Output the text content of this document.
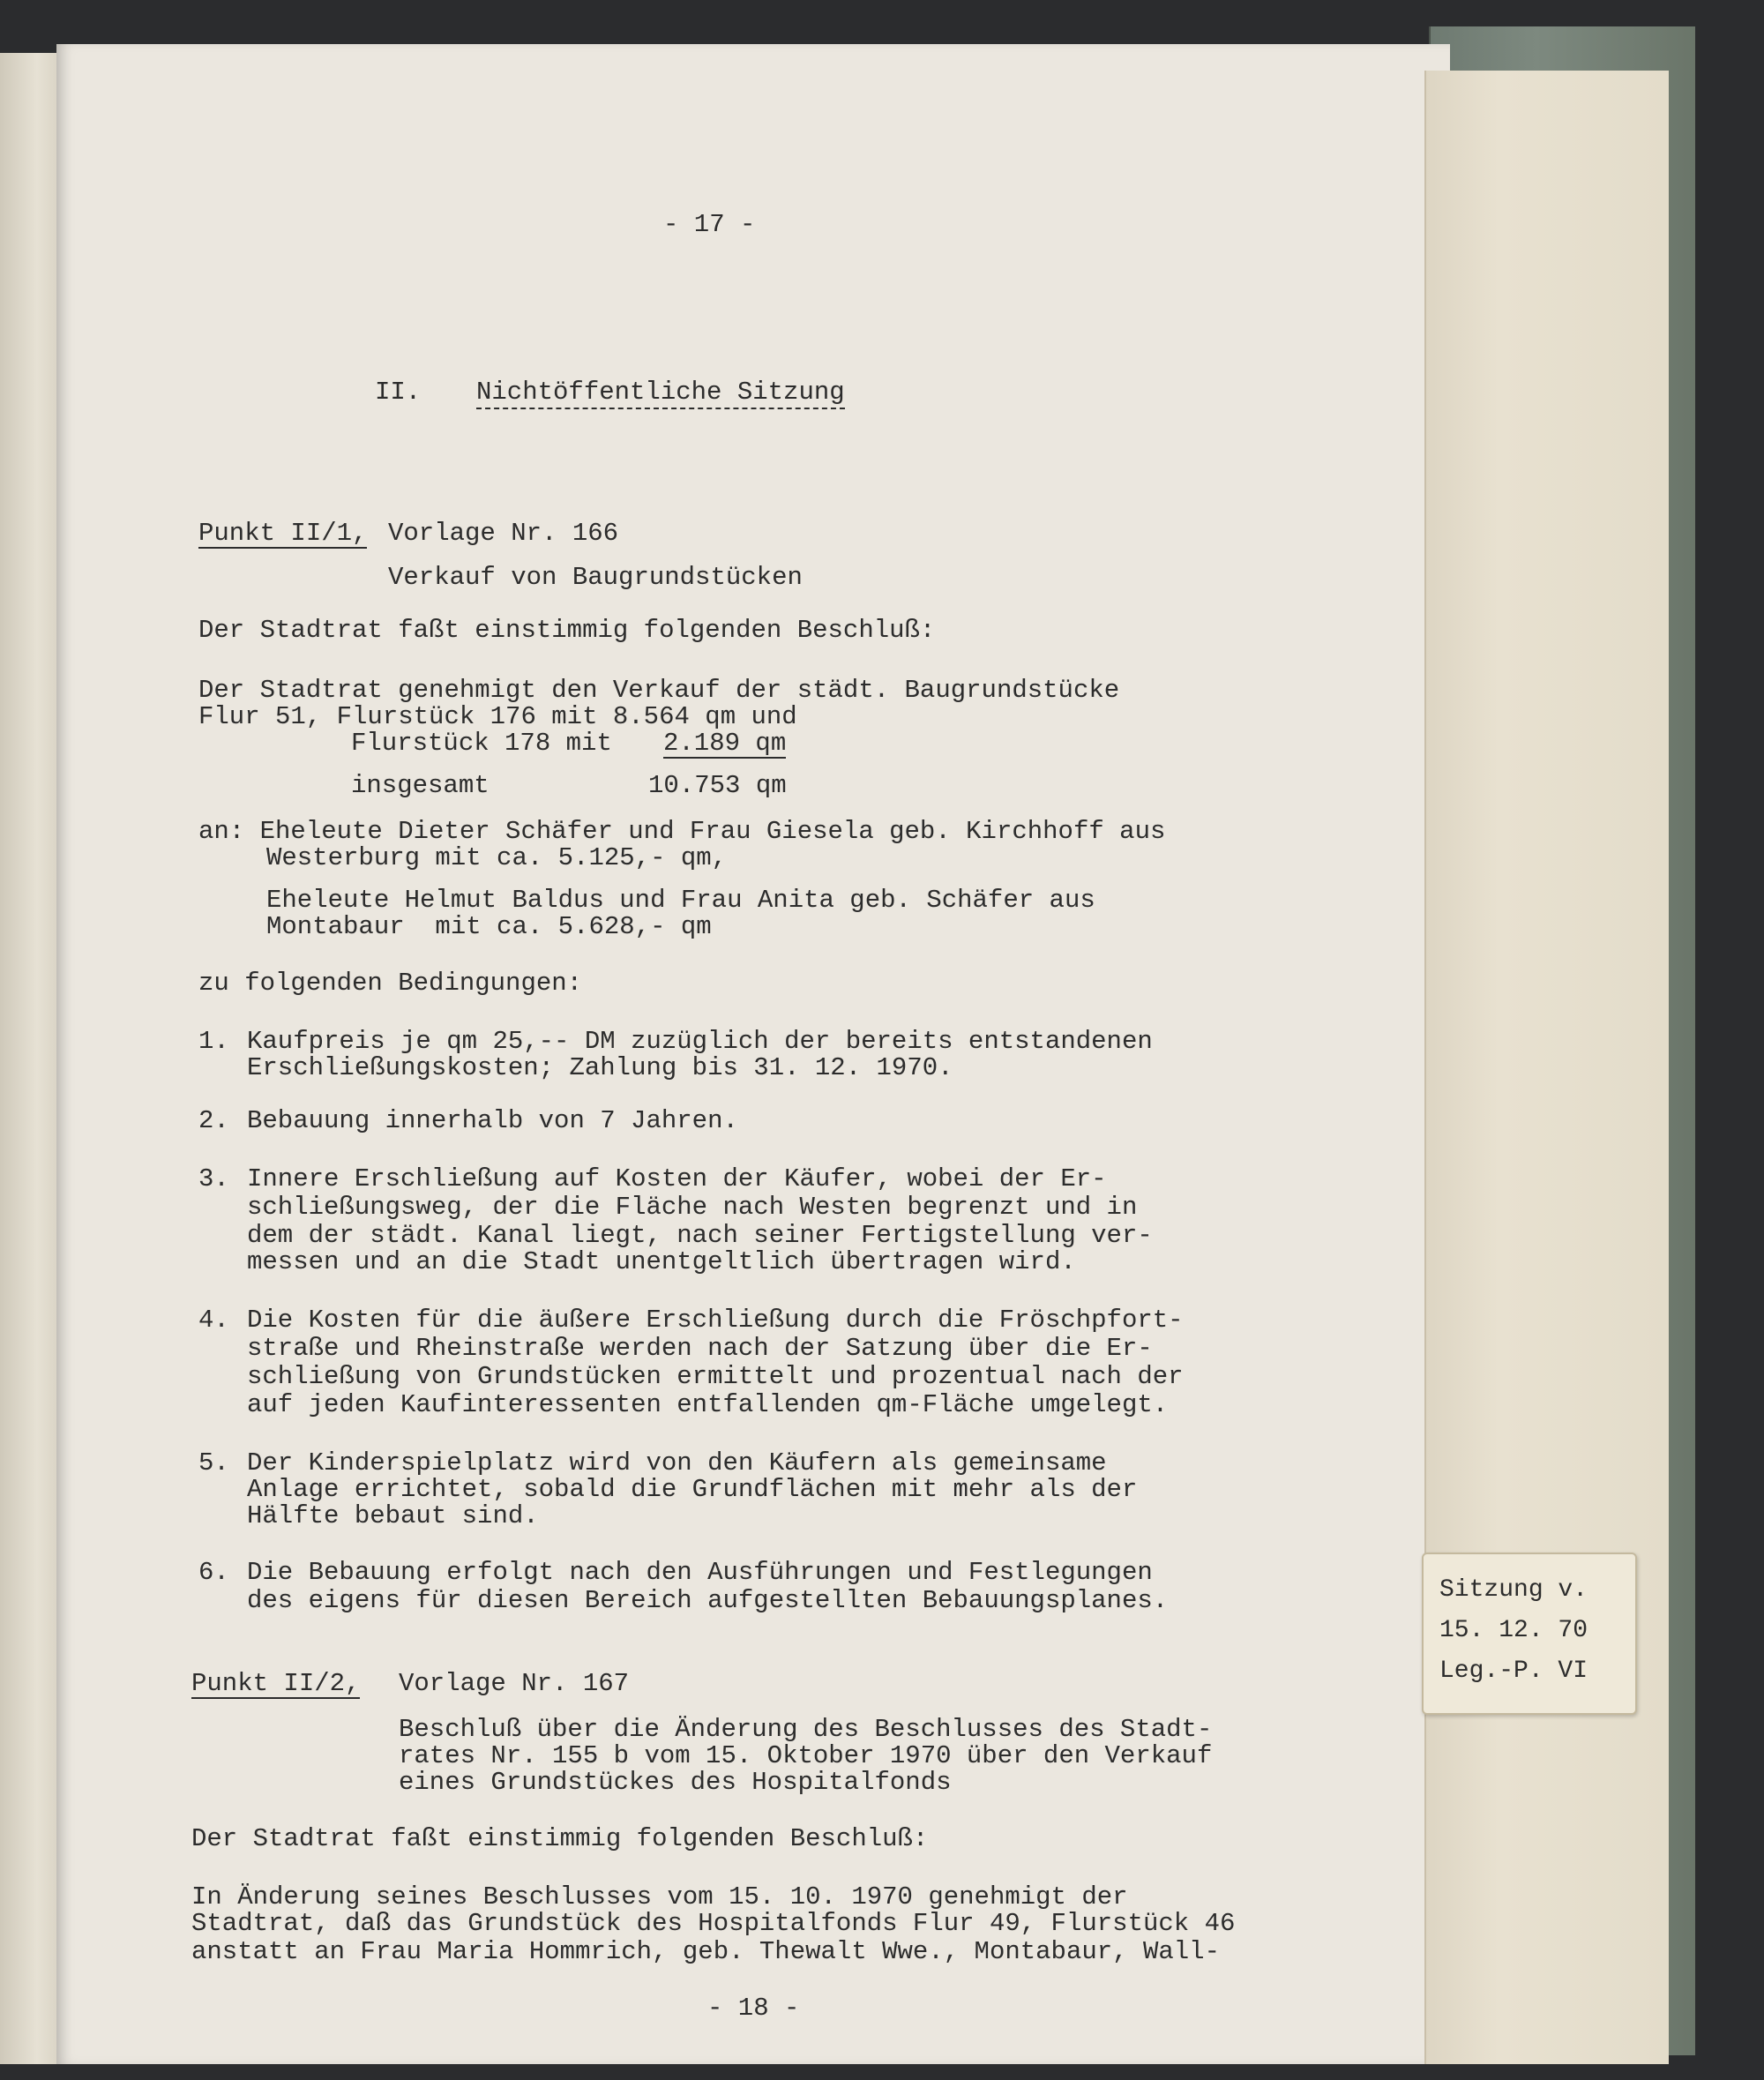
- 17 -
II. Nichtöffentliche Sitzung
Punkt II/1, Vorlage Nr. 166
Verkauf von Baugrundstücken
Der Stadtrat faßt einstimmig folgenden Beschluß:
Der Stadtrat genehmigt den Verkauf der städt. Baugrundstücke
Flur 51, Flurstück 176 mit 8.564 qm und
Flurstück 178 mit 2.189 qm
insgesamt	10.753 qm
an: Eheleute Dieter Schäfer und Frau Giesela geb. Kirchhoff aus
Westerburg mit ca. 5.125,- qm,
Eheleute Helmut Baldus und Frau Anita geb. Schäfer aus
Montabaur  mit ca. 5.628,- qm
zu folgenden Bedingungen:
1. Kaufpreis je qm 25,-- DM zuzüglich der bereits entstandenen
Erschließungskosten; Zahlung bis 31. 12. 1970.
2. Bebauung innerhalb von 7 Jahren.
3. Innere Erschließung auf Kosten der Käufer, wobei der Er-
schließungsweg, der die Fläche nach Westen begrenzt und in
dem der städt. Kanal liegt, nach seiner Fertigstellung ver-
messen und an die Stadt unentgeltlich übertragen wird.
4. Die Kosten für die äußere Erschließung durch die Fröschpfort-
straße und Rheinstraße werden nach der Satzung über die Er-
schließung von Grundstücken ermittelt und prozentual nach der
auf jeden Kaufinteressenten entfallenden qm-Fläche umgelegt.
5. Der Kinderspielplatz wird von den Käufern als gemeinsame
Anlage errichtet, sobald die Grundflächen mit mehr als der
Hälfte bebaut sind.
6. Die Bebauung erfolgt nach den Ausführungen und Festlegungen
des eigens für diesen Bereich aufgestellten Bebauungsplanes.
Punkt II/2, Vorlage Nr. 167
Beschluß über die Änderung des Beschlusses des Stadt-
rates Nr. 155 b vom 15. Oktober 1970 über den Verkauf
eines Grundstückes des Hospitalfonds
Der Stadtrat faßt einstimmig folgenden Beschluß:
In Änderung seines Beschlusses vom 15. 10. 1970 genehmigt der
Stadtrat, daß das Grundstück des Hospitalfonds Flur 49, Flurstück 46
anstatt an Frau Maria Hommrich, geb. Thewalt Wwe., Montabaur, Wall-
- 18 -
Sitzung v.
15. 12. 70
Leg.-P. VI
